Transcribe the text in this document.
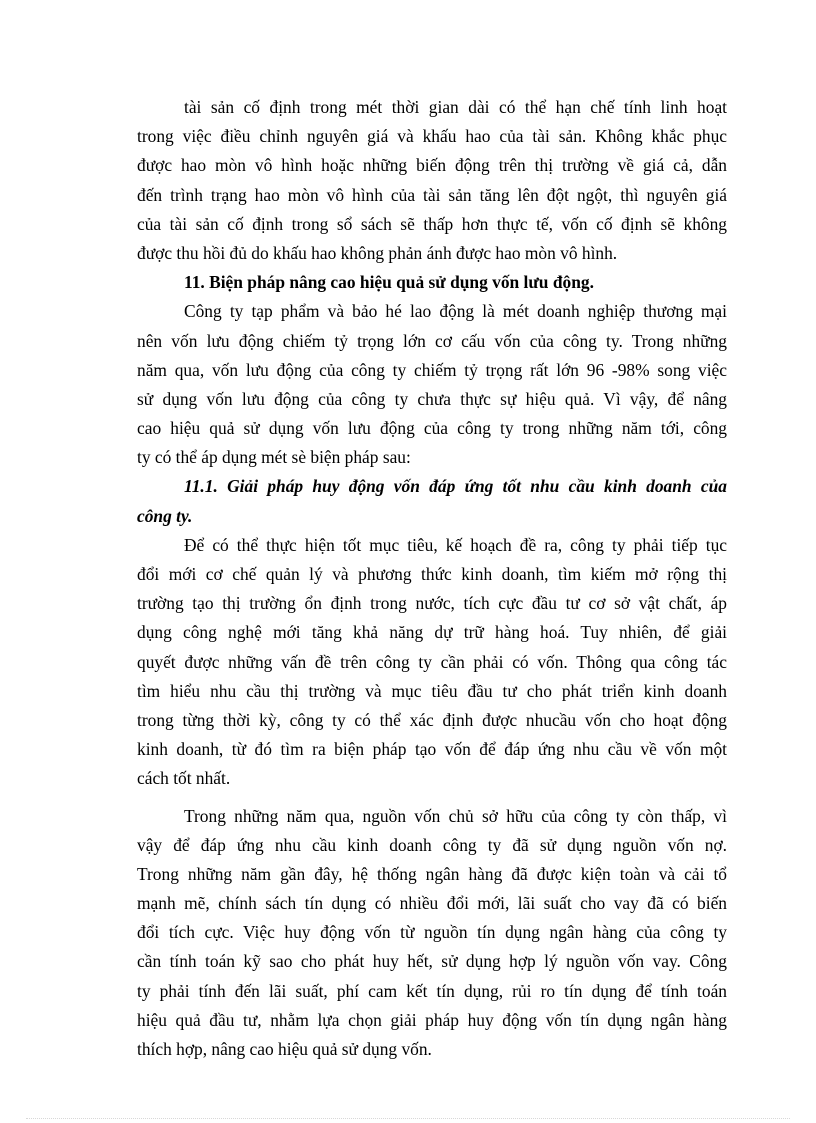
tài sản cố định trong mét thời gian dài có thể hạn chế tính linh hoạt
trong việc điều chỉnh nguyên giá và khấu hao của tài sản. Không khắc phục
được hao mòn vô hình hoặc những biến động trên thị trường về giá cả, dẫn
đến trình trạng hao mòn vô hình của tài sản tăng lên đột ngột, thì nguyên giá
của tài sản cố định trong sổ sách sẽ thấp hơn thực tế, vốn cố định sẽ không
được thu hồi đủ do khấu hao không phản ánh được hao mòn vô hình.
11. Biện pháp nâng cao hiệu quả sử dụng vốn lưu động.
Công ty tạp phẩm và bảo hé lao động là mét doanh nghiệp thương mại
nên vốn lưu động chiếm tỷ trọng lớn cơ cấu vốn của công ty. Trong những
năm qua, vốn lưu động của công ty chiếm tỷ trọng rất lớn 96 -98% song việc
sử dụng vốn lưu động của công ty chưa thực sự hiệu quả. Vì vậy, để nâng
cao hiệu quả sử dụng vốn lưu động của công ty trong những năm tới, công
ty có thể áp dụng mét sè biện pháp sau:
11.1. Giải pháp huy động vốn đáp ứng tốt nhu cầu kinh doanh của
công ty.
Để có thể thực hiện tốt mục tiêu, kế hoạch đề ra, công ty phải tiếp tục
đổi mới cơ chế quản lý và phương thức kinh doanh, tìm kiếm mở rộng thị
trường tạo thị trường ổn định trong nước, tích cực đầu tư cơ sở vật chất, áp
dụng công nghệ mới tăng khả năng dự trữ hàng hoá. Tuy nhiên, để giải
quyết được những vấn đề trên công ty cần phải có vốn. Thông qua công tác
tìm hiểu nhu cầu thị trường và mục tiêu đầu tư cho phát triển kinh doanh
trong từng thời kỳ, công ty có thể xác định được nhucầu vốn cho hoạt động
kinh doanh, từ đó tìm ra biện pháp tạo vốn để đáp ứng nhu cầu về vốn một
cách tốt nhất.
Trong những năm qua, nguồn vốn chủ sở hữu của công ty còn thấp, vì
vậy để đáp ứng nhu cầu kinh doanh công ty đã sử dụng nguồn vốn nợ.
Trong những năm gần đây, hệ thống ngân hàng đã được kiện toàn và cải tổ
mạnh mẽ, chính sách tín dụng có nhiều đổi mới, lãi suất cho vay đã có biến
đổi tích cực. Việc huy động vốn từ nguồn tín dụng ngân hàng của công ty
cần tính toán kỹ sao cho phát huy hết, sử dụng hợp lý nguồn vốn vay. Công
ty phải tính đến lãi suất, phí cam kết tín dụng, rủi ro tín dụng để tính toán
hiệu quả đầu tư, nhằm lựa chọn giải pháp huy động vốn tín dụng ngân hàng
thích hợp, nâng cao hiệu quả sử dụng vốn.
